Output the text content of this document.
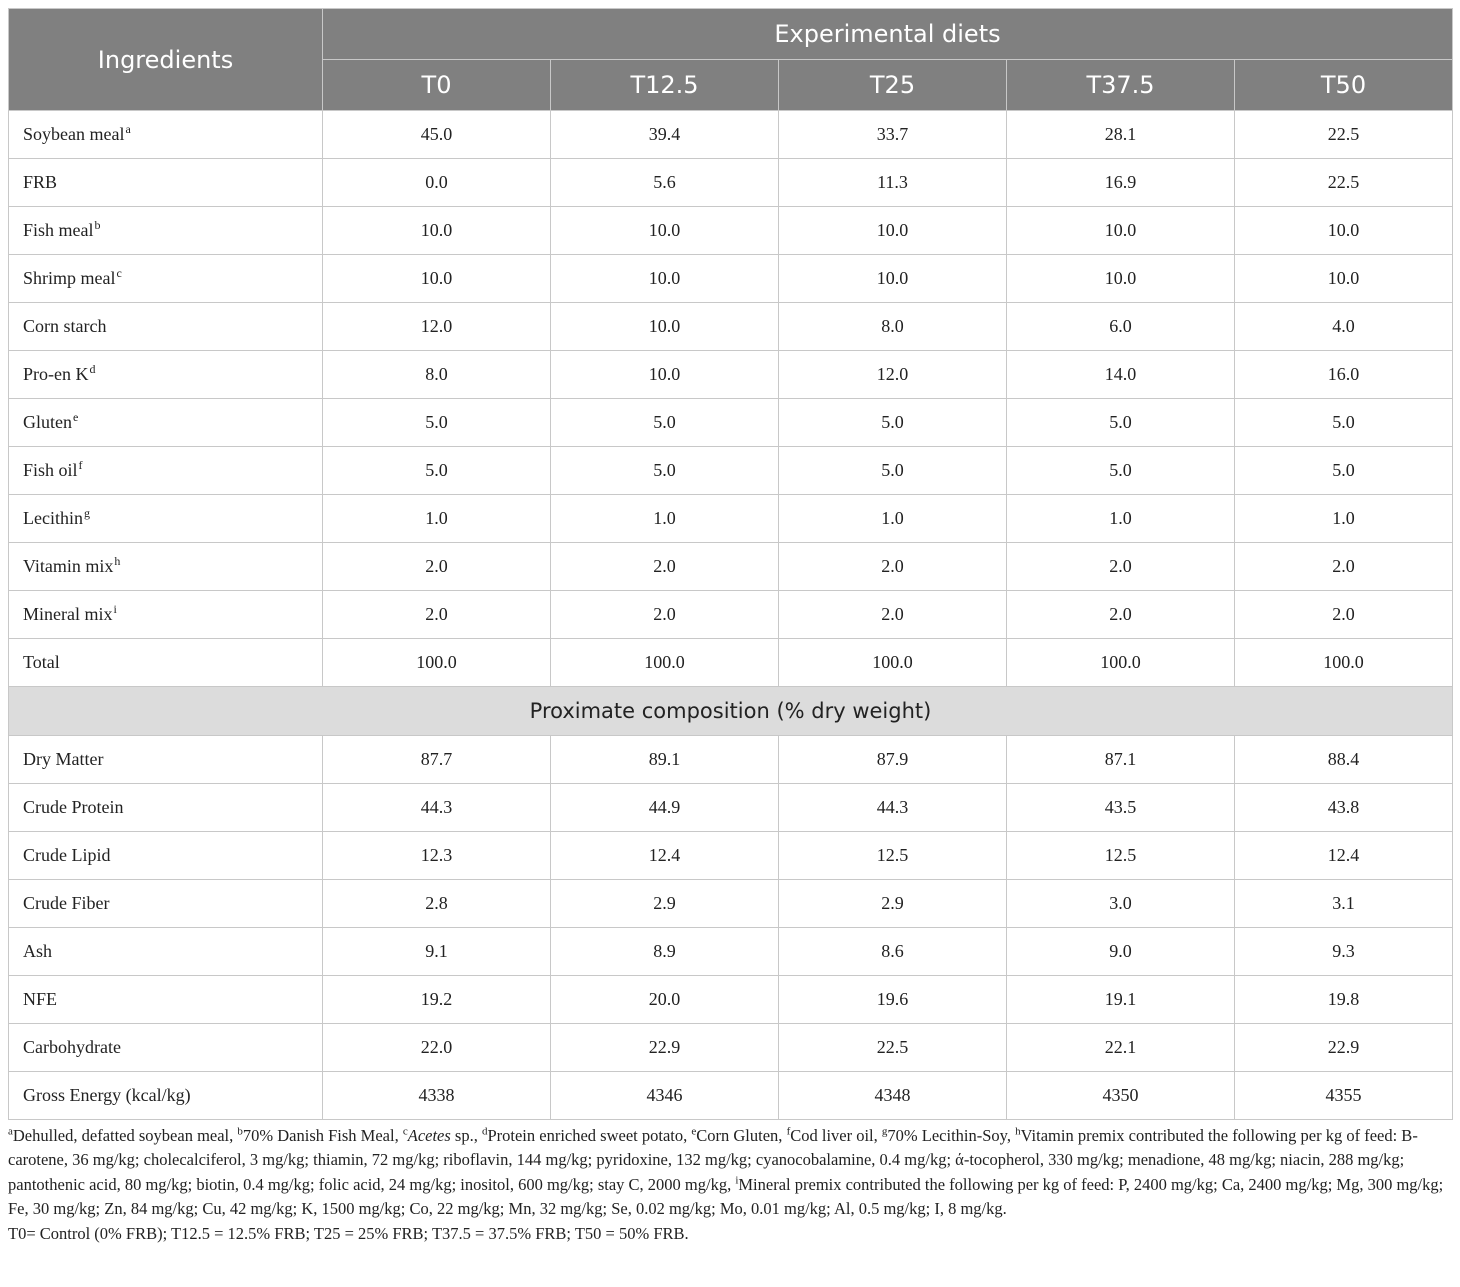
Ingredients	Experimental diets				
	T0	T12.5	T25	T37.5	T50
Soybean meal$^a$	45.0	39.4	33.7	28.1	22.5
FRB	0.0	5.6	11.3	16.9	22.5
Fish meal$^b$	10.0	10.0	10.0	10.0	10.0
Shrimp meal$^c$	10.0	10.0	10.0	10.0	10.0
Corn starch	12.0	10.0	8.0	6.0	4.0
Pro-en $K^d$	8.0	10.0	12.0	14.0	16.0
Gluten$^e$	5.0	5.0	5.0	5.0	5.0
Fish oil$^f$	5.0	5.0	5.0	5.0	5.0
Lecithin$^g$	1.0	1.0	1.0	1.0	1.0
Vitamin mix$^h$	2.0	2.0	2.0	2.0	2.0
Mineral mix$^i$	2.0	2.0	2.0	2.0	2.0
Total	100.0	100.0	100.0	100.0	100.0
Proximate composition (% dry weight)					
Dry Matter	87.7	89.1	87.9	87.1	88.4
Crude Protein	44.3	44.9	44.3	43.5	43.8
Crude Lipid	12.3	12.4	12.5	12.5	12.4
Crude Fiber	2.8	2.9	2.9	3.0	3.1
Ash	9.1	8.9	8.6	9.0	9.3
NFE	19.2	20.0	19.6	19.1	19.8
Carbohydrate	22.0	22.9	22.5	22.1	22.9
Gross Energy (kcal/kg)	4338	4346	4348	4350	4355
$^a$Dehulled, defatted soybean meal, $^b$70% Danish Fish Meal, $^c$Acetes sp., $^d$Protein enriched sweet potato, $^e$Corn Gluten, $^f$Cod liver oil, $^g$70% Lecithin-Soy, $^h$Vitamin premix contributed the following per kg of feed: B-carotene, 36 mg/kg; cholecalciferol, 3 mg/kg; thiamin, 72 mg/kg; riboflavin, 144 mg/kg; pyridoxine, 132 mg/kg; cyanocobalamine, 0.4 mg/kg; ά-tocopherol, 330 mg/kg; menadione, 48 mg/kg; niacin, 288 mg/kg; pantothenic acid, 80 mg/kg; biotin, 0.4 mg/kg; folic acid, 24 mg/kg; inositol, 600 mg/kg; stay C, 2000 mg/kg, $^i$Mineral premix contributed the following per kg of feed: P, 2400 mg/kg; Ca, 2400 mg/kg; Mg, 300 mg/kg; Fe, 30 mg/kg; Zn, 84 mg/kg; Cu, 42 mg/kg; K, 1500 mg/kg; Co, 22 mg/kg; Mn, 32 mg/kg; Se, 0.02 mg/kg; Mo, 0.01 mg/kg; Al, 0.5 mg/kg; I, 8 mg/kg.
T0= Control (0% FRB); T12.5 = 12.5% FRB; T25 = 25% FRB; T37.5 = 37.5% FRB; T50 = 50% FRB.
